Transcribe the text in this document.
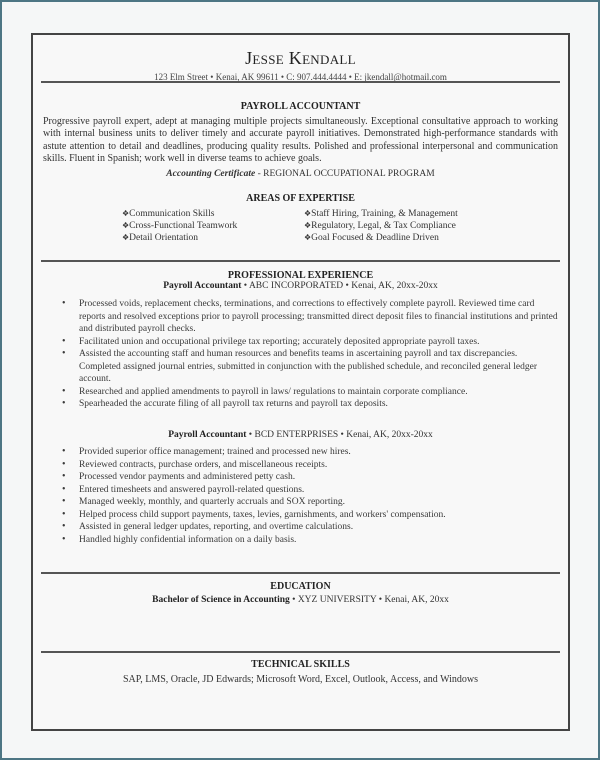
Jesse Kendall
123 Elm Street • Kenai, AK 99611 • C: 907.444.4444 • E: jkendall@hotmail.com
PAYROLL ACCOUNTANT
Progressive payroll expert, adept at managing multiple projects simultaneously. Exceptional consultative approach to working with internal business units to deliver timely and accurate payroll initiatives. Demonstrated high-performance standards with astute attention to detail and deadlines, producing quality results. Polished and professional interpersonal and communication skills. Fluent in Spanish; work well in diverse teams to achieve goals.
Accounting Certificate - REGIONAL OCCUPATIONAL PROGRAM
AREAS OF EXPERTISE
❖ Communication Skills
❖ Cross-Functional Teamwork
❖ Detail Orientation
❖ Staff Hiring, Training, & Management
❖ Regulatory, Legal, & Tax Compliance
❖ Goal Focused & Deadline Driven
PROFESSIONAL EXPERIENCE
Payroll Accountant • ABC INCORPORATED • Kenai, AK, 20xx-20xx
• Processed voids, replacement checks, terminations, and corrections to effectively complete payroll. Reviewed time card reports and resolved exceptions prior to payroll processing; transmitted direct deposit files to financial institutions and printed and distributed payroll checks.
• Facilitated union and occupational privilege tax reporting; accurately deposited appropriate payroll taxes.
• Assisted the accounting staff and human resources and benefits teams in ascertaining payroll and tax discrepancies. Completed assigned journal entries, submitted in conjunction with the published schedule, and reconciled general ledger account.
• Researched and applied amendments to payroll in laws/ regulations to maintain corporate compliance.
• Spearheaded the accurate filing of all payroll tax returns and payroll tax deposits.
Payroll Accountant • BCD ENTERPRISES • Kenai, AK, 20xx-20xx
• Provided superior office management; trained and processed new hires.
• Reviewed contracts, purchase orders, and miscellaneous receipts.
• Processed vendor payments and administered petty cash.
• Entered timesheets and answered payroll-related questions.
• Managed weekly, monthly, and quarterly accruals and SOX reporting.
• Helped process child support payments, taxes, levies, garnishments, and workers' compensation.
• Assisted in general ledger updates, reporting, and overtime calculations.
• Handled highly confidential information on a daily basis.
EDUCATION
Bachelor of Science in Accounting • XYZ UNIVERSITY • Kenai, AK, 20xx
TECHNICAL SKILLS
SAP, LMS, Oracle, JD Edwards; Microsoft Word, Excel, Outlook, Access, and Windows
